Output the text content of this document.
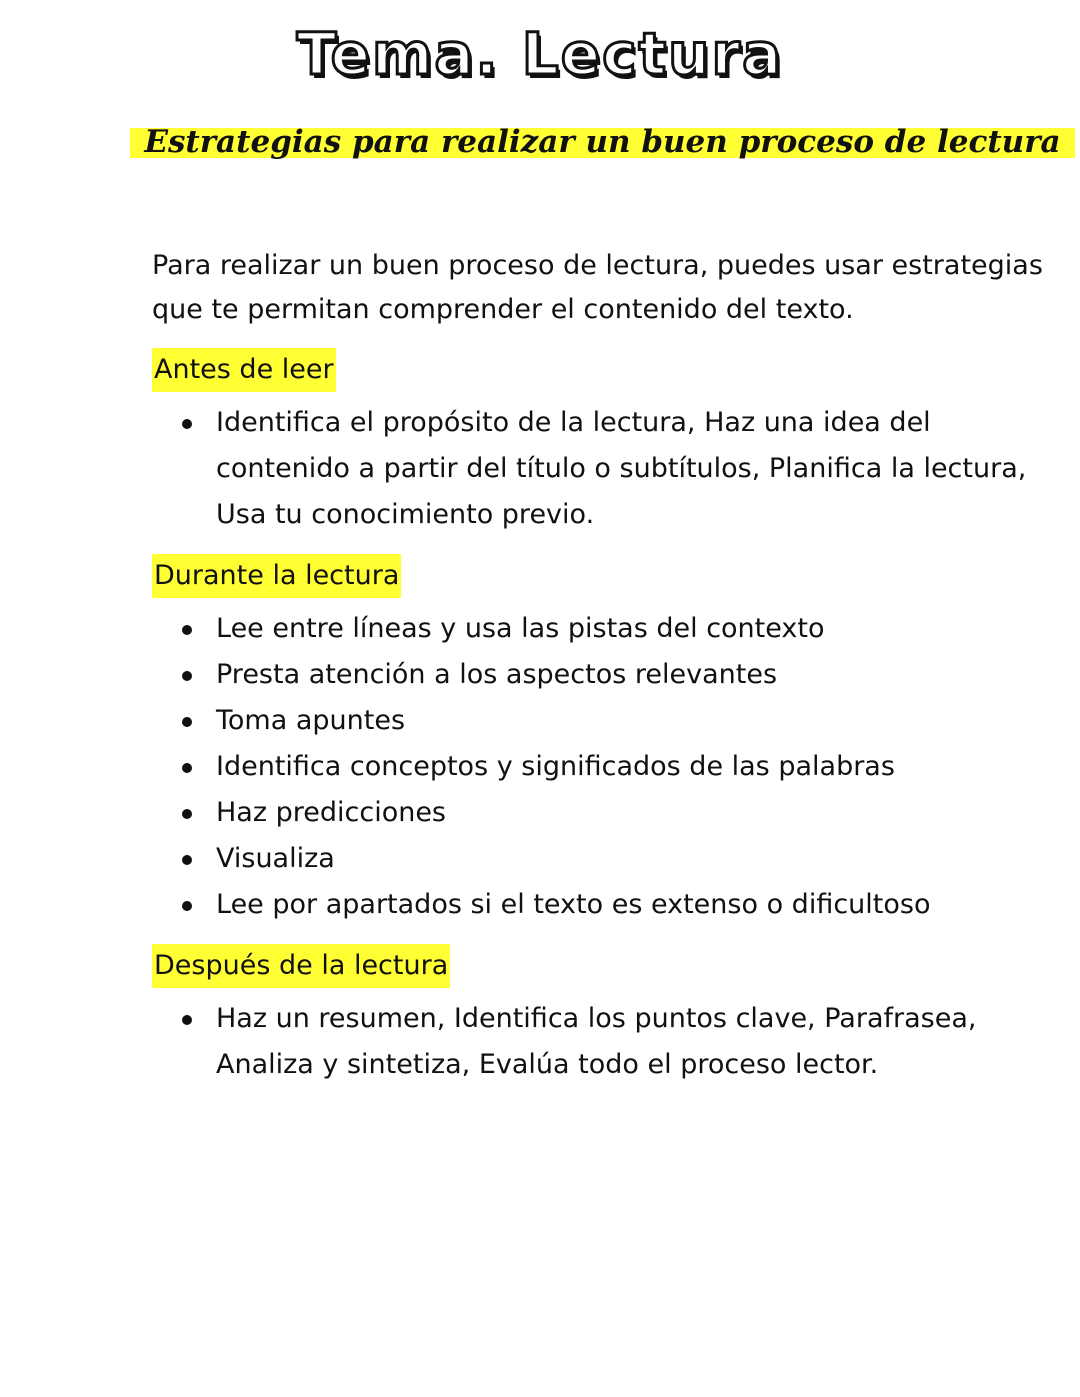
Tema. Lectura
Estrategias para realizar un buen proceso de lectura

Para realizar un buen proceso de lectura, puedes usar estrategias que te permitan comprender el contenido del texto.

Antes de leer
Identifica el propósito de la lectura, Haz una idea del contenido a partir del título o subtítulos, Planifica la lectura, Usa tu conocimiento previo.
Durante la lectura
Lee entre líneas y usa las pistas del contexto
Presta atención a los aspectos relevantes
Toma apuntes
Identifica conceptos y significados de las palabras
Haz predicciones
Visualiza
Lee por apartados si el texto es extenso o dificultoso
Después de la lectura
Haz un resumen, Identifica los puntos clave, Parafrasea, Analiza y sintetiza, Evalúa todo el proceso lector.
